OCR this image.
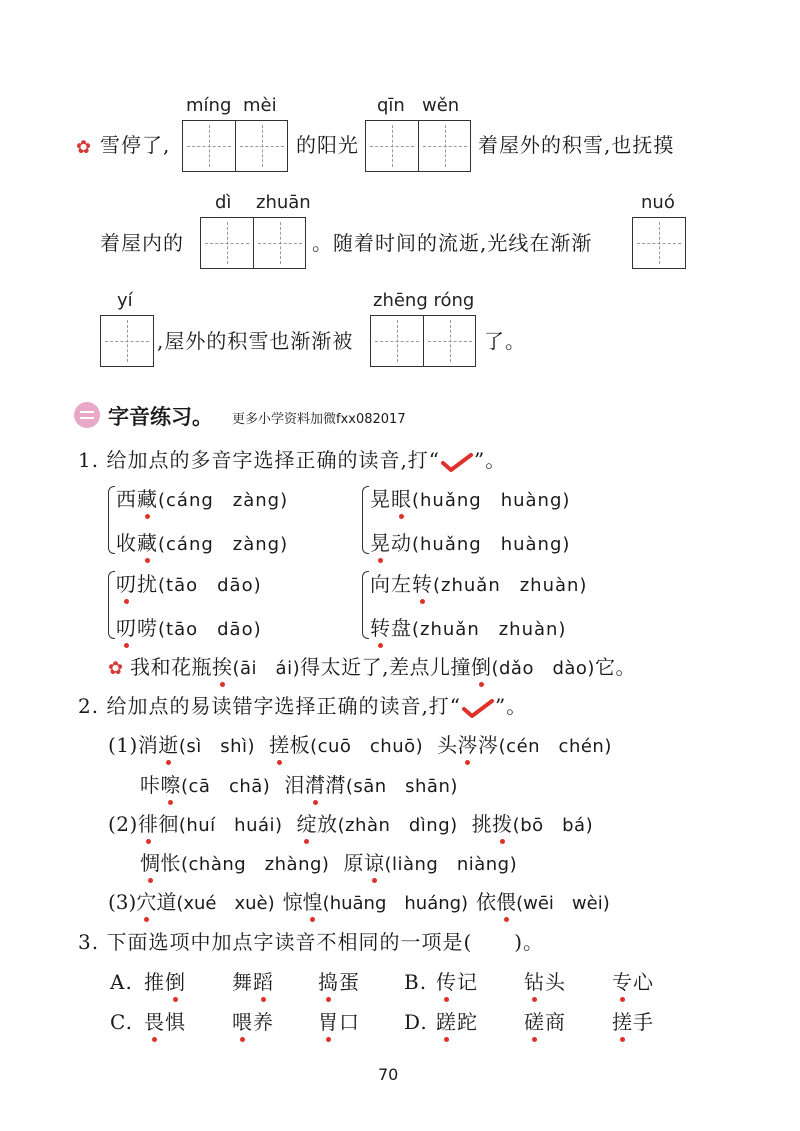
míng mèi	qīn wěn
✿ 雪停了,	的阳光	着屋外的积雪,也抚摸
dì zhuān	nuó
着屋内的	。随着时间的流逝,光线在渐渐
yí	zhēng róng
,屋外的积雪也渐渐被	了。
字音练习。 更多小学资料加微fxx082017
1. 给加点的多音字选择正确的读音,打“ ”。
西藏(cáng　zàng)
收藏(cáng　zàng)
晃眼(huǎng　huàng)
晃动(huǎng　huàng)
叨扰(tāo　dāo)
叨唠(tāo　dāo)
向左转(zhuǎn　zhuàn)
转盘(zhuǎn　zhuàn)
✿ 我和花瓶挨(āi　ái)得太近了,差点儿撞倒(dǎo　dào)它。
2. 给加点的易读错字选择正确的读音,打“ ”。
(1)消逝(sì　shì) 搓板(cuō　chuō) 头涔涔(cén　chén)
咔嚓(cā　chā) 泪潸潸(sān　shān)
(2)徘徊(huí　huái) 绽放(zhàn　dìng) 挑拨(bō　bá)
惆怅(chàng　zhàng) 原谅(liàng　niàng)
(3)穴道(xué　xuè) 惊惶(huāng　huáng) 依偎(wēi　wèi)
3. 下面选项中加点字读音不相同的一项是(　　)。
A. 推倒 舞蹈 捣蛋 B. 传记 钻头 专心
C. 畏惧 喂养 胃口 D. 蹉跎 磋商 搓手
70
